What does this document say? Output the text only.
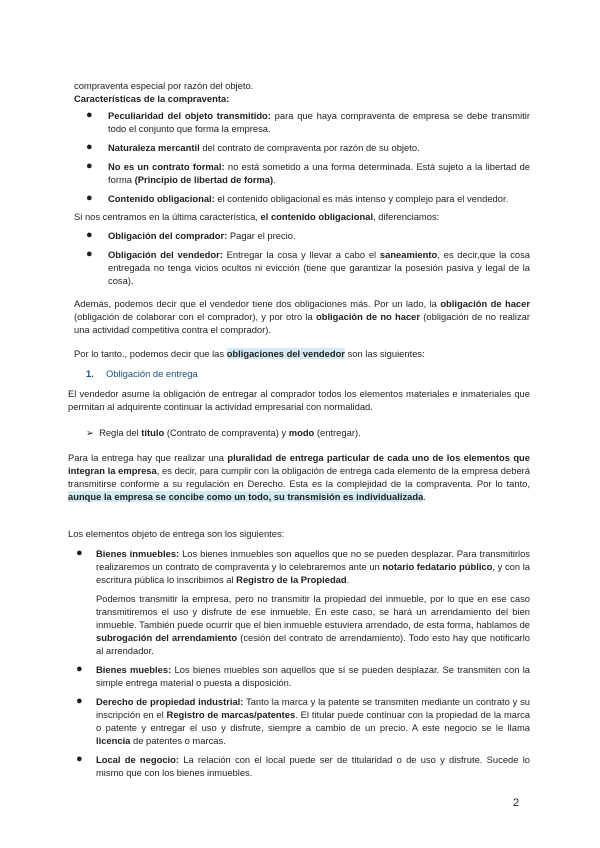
compraventa especial por razón del objeto.

Características de la compraventa:

● Peculiaridad del objeto transmitido: para que haya compraventa de empresa se debe transmitir todo el conjunto que forma la empresa.

● Naturaleza mercantil del contrato de compraventa por razón de su objeto.

● No es un contrato formal: no está sometido a una forma determinada. Está sujeto a la libertad de forma (Principio de libertad de forma).

● Contenido obligacional: el contenido obligacional es más intenso y complejo para el vendedor.

Si nos centramos en la última característica, el contenido obligacional, diferenciamos:

● Obligación del comprador: Pagar el precio.

● Obligación del vendedor: Entregar la cosa y llevar a cabo el saneamiento, es decir,que la cosa entregada no tenga vicios ocultos ni evicción (tiene que garantizar la posesión pasiva y legal de la cosa).

Además, podemos decir que el vendedor tiene dos obligaciones más. Por un lado, la obligación de hacer (obligación de colaborar con el comprador), y por otro la obligación de no hacer (obligación de no realizar una actividad competitiva contra el comprador).

Por lo tanto., podemos decir que las obligaciones del vendedor son las siguientes:

1. Obligación de entrega

El vendedor asume la obligación de entregar al comprador todos los elementos materiales e inmateriales que permitan al adquirente continuar la actividad empresarial con normalidad.

➢ Regla del título (Contrato de compraventa) y modo (entregar).

Para la entrega hay que realizar una pluralidad de entrega particular de cada uno de los elementos que integran la empresa, es decir, para cumplir con la obligación de entrega cada elemento de la empresa deberá transmitirse conforme a su regulación en Derecho. Esta es la complejidad de la compraventa. Por lo tanto, aunque la empresa se concibe como un todo, su transmisión es individualizada.

Los elementos objeto de entrega son los siguientes:

● Bienes inmuebles: Los bienes inmuebles son aquellos que no se pueden desplazar. Para transmitirlos realizaremos un contrato de compraventa y lo celebraremos ante un notario fedatario público, y con la escritura pública lo inscribimos al Registro de la Propiedad.

Podemos transmitir la empresa, pero no transmitir la propiedad del inmueble, por lo que en ese caso transmitiremos el uso y disfrute de ese inmueble. En este caso, se hará un arrendamiento del bien inmueble. También puede ocurrir que el bien inmueble estuviera arrendado, de esta forma, hablamos de subrogación del arrendamiento (cesión del contrato de arrendamiento). Todo esto hay que notificarlo al arrendador.

● Bienes muebles: Los bienes muebles son aquellos que sí se pueden desplazar. Se transmiten con la simple entrega material o puesta a disposición.

● Derecho de propiedad industrial: Tanto la marca y la patente se transmiten mediante un contrato y su inscripción en el Registro de marcas/patentes. El titular puede continuar con la propiedad de la marca o patente y entregar el uso y disfrute, siempre a cambio de un precio. A este negocio se le llama licencia de patentes o marcas.

● Local de negocio: La relación con el local puede ser de titularidad o de uso y disfrute. Sucede lo mismo que con los bienes inmuebles.

2
